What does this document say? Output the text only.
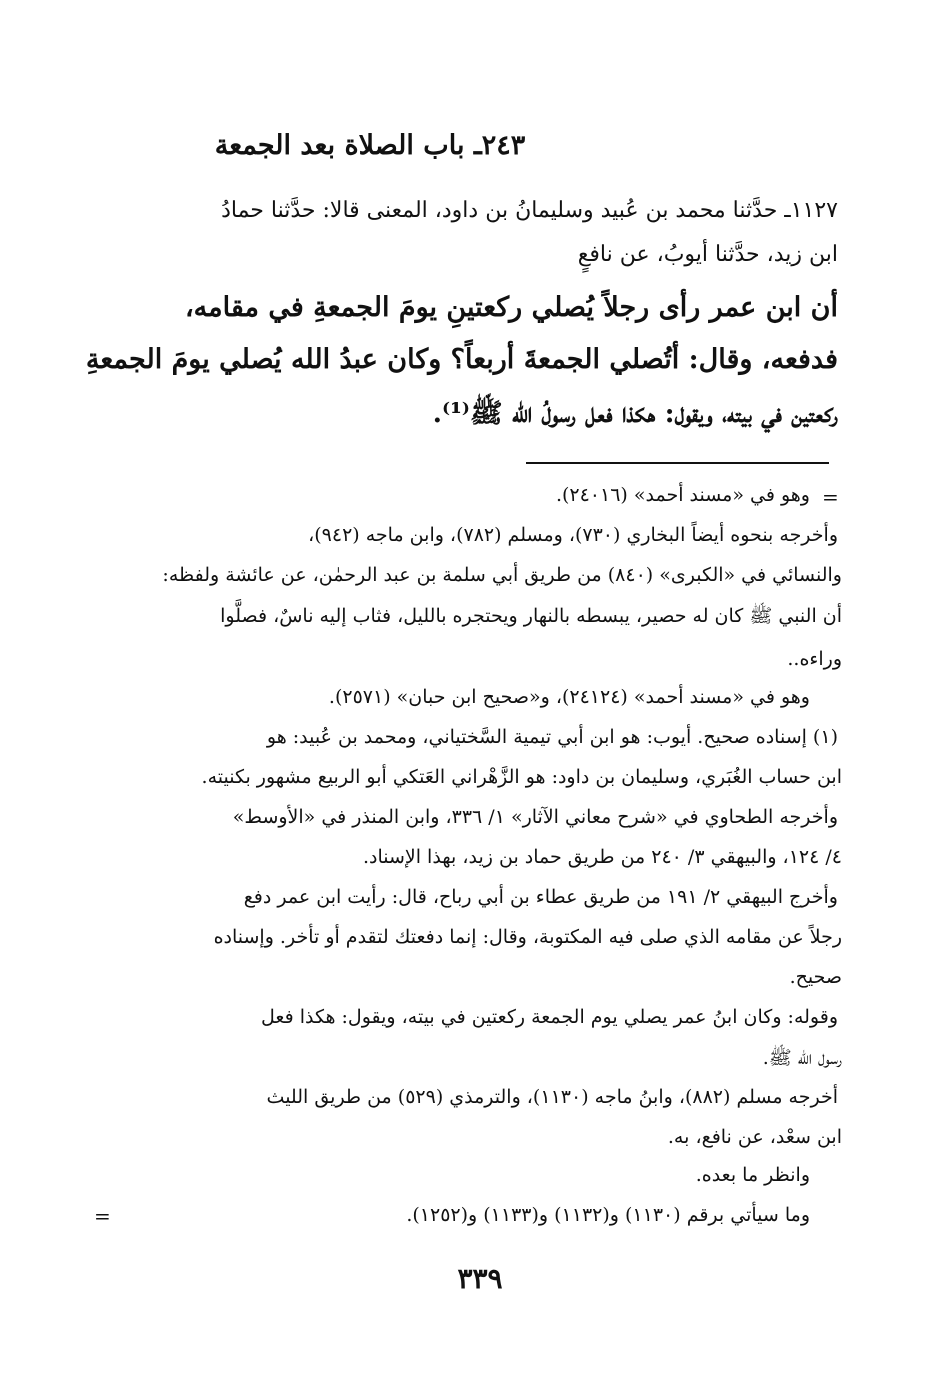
٢٤٣ـ باب الصلاة بعد الجمعة
١١٢٧ـ حدَّثنا محمد بن عُبيد وسليمانُ بن داود، المعنى قالا: حدَّثنا حمادُ
ابن زيد، حدَّثنا أيوبُ، عن نافعٍ
أن ابن عمر رأى رجلاً يُصلي ركعتينِ يومَ الجمعةِ في مقامه،
فدفعه، وقال: أتُصلي الجمعةَ أربعاً؟ وكان عبدُ الله يُصلي يومَ الجمعةِ
ركعتين في بيته، ويقول: هكذا فعل رسولُ الله ﷺ⁽¹⁾.
=
وهو في «مسند أحمد» (٢٤٠١٦).
وأخرجه بنحوه أيضاً البخاري (٧٣٠)، ومسلم (٧٨٢)، وابن ماجه (٩٤٢)،
والنسائي في «الكبرى» (٨٤٠) من طريق أبي سلمة بن عبد الرحمٰن، عن عائشة ولفظه:
أن النبي ﷺ كان له حصير، يبسطه بالنهار ويحتجره بالليل، فثاب إليه ناسٌ، فصلَّوا
وراءه..
وهو في «مسند أحمد» (٢٤١٢٤)، و«صحيح ابن حبان» (٢٥٧١).
(١) إسناده صحيح. أيوب: هو ابن أبي تيمية السَّختياني، ومحمد بن عُبيد: هو
ابن حساب الغُبَري، وسليمان بن داود: هو الزَّهْراني العَتكي أبو الربيع مشهور بكنيته.
وأخرجه الطحاوي في «شرح معاني الآثار» ١/ ٣٣٦، وابن المنذر في «الأوسط»
٤/ ١٢٤، والبيهقي ٣/ ٢٤٠ من طريق حماد بن زيد، بهذا الإسناد.
وأخرج البيهقي ٢/ ١٩١ من طريق عطاء بن أبي رباح، قال: رأيت ابن عمر دفع
رجلاً عن مقامه الذي صلى فيه المكتوبة، وقال: إنما دفعتك لتقدم أو تأخر. وإسناده
صحيح.
وقوله: وكان ابنُ عمر يصلي يوم الجمعة ركعتين في بيته، ويقول: هكذا فعل
رسول الله ﷺ.
أخرجه مسلم (٨٨٢)، وابنُ ماجه (١١٣٠)، والترمذي (٥٢٩) من طريق الليث
ابن سعْد، عن نافع، به.
وانظر ما بعده.
وما سيأتي برقم (١١٣٠) و(١١٣٢) و(١١٣٣) و(١٢٥٢).
=
٣٣٩
